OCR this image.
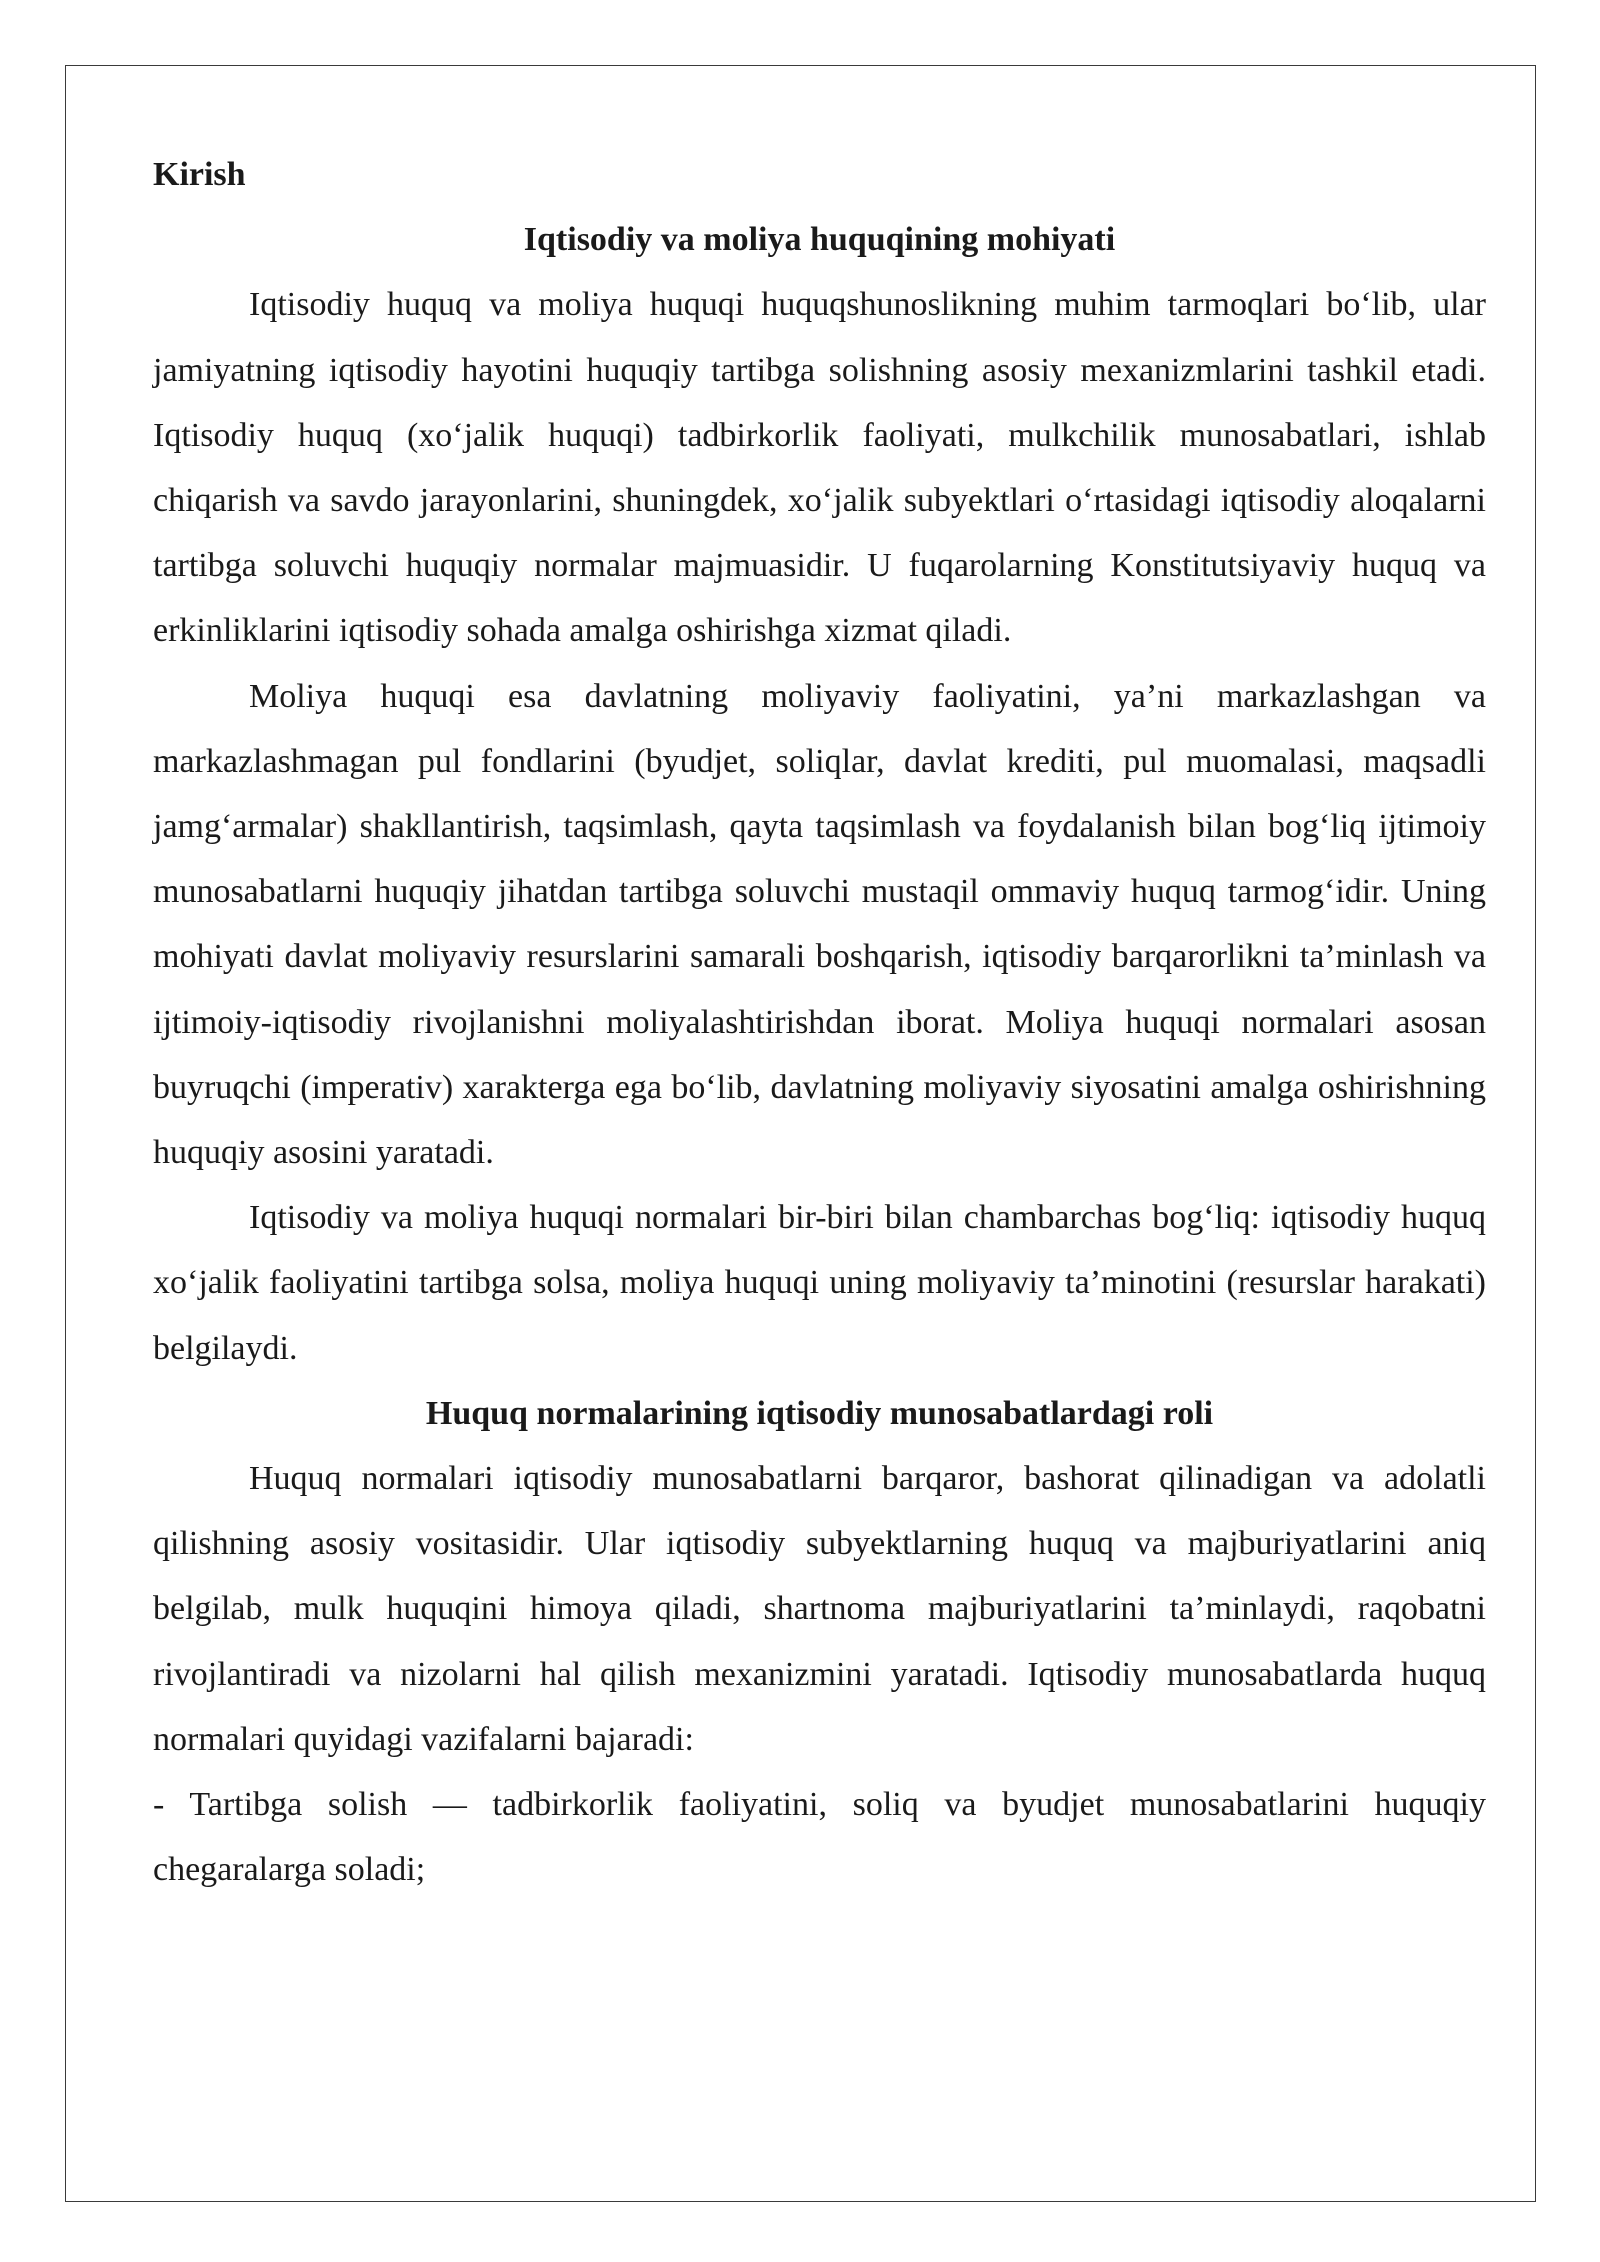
Kirish

Iqtisodiy va moliya huquqining mohiyati

Iqtisodiy huquq va moliya huquqi huquqshunoslikning muhim tarmoqlari bo‘lib, ular jamiyatning iqtisodiy hayotini huquqiy tartibga solishning asosiy mexanizmlarini tashkil etadi. Iqtisodiy huquq (xo‘jalik huquqi) tadbirkorlik faoliyati, mulkchilik munosabatlari, ishlab chiqarish va savdo jarayonlarini, shuningdek, xo‘jalik subyektlari o‘rtasidagi iqtisodiy aloqalarni tartibga soluvchi huquqiy normalar majmuasidir. U fuqarolarning Konstitutsiyaviy huquq va erkinliklarini iqtisodiy sohada amalga oshirishga xizmat qiladi.

Moliya huquqi esa davlatning moliyaviy faoliyatini, ya’ni markazlashgan va markazlashmagan pul fondlarini (byudjet, soliqlar, davlat krediti, pul muomalasi, maqsadli jamg‘armalar) shakllantirish, taqsimlash, qayta taqsimlash va foydalanish bilan bog‘liq ijtimoiy munosabatlarni huquqiy jihatdan tartibga soluvchi mustaqil ommaviy huquq tarmog‘idir. Uning mohiyati davlat moliyaviy resurslarini samarali boshqarish, iqtisodiy barqarorlikni ta’minlash va ijtimoiy-iqtisodiy rivojlanishni moliyalashtirishdan iborat. Moliya huquqi normalari asosan buyruqchi (imperativ) xarakterga ega bo‘lib, davlatning moliyaviy siyosatini amalga oshirishning huquqiy asosini yaratadi.

Iqtisodiy va moliya huquqi normalari bir-biri bilan chambarchas bog‘liq: iqtisodiy huquq xo‘jalik faoliyatini tartibga solsa, moliya huquqi uning moliyaviy ta’minotini (resurslar harakati) belgilaydi.

Huquq normalarining iqtisodiy munosabatlardagi roli

Huquq normalari iqtisodiy munosabatlarni barqaror, bashorat qilinadigan va adolatli qilishning asosiy vositasidir. Ular iqtisodiy subyektlarning huquq va majburiyatlarini aniq belgilab, mulk huquqini himoya qiladi, shartnoma majburiyatlarini ta’minlaydi, raqobatni rivojlantiradi va nizolarni hal qilish mexanizmini yaratadi. Iqtisodiy munosabatlarda huquq normalari quyidagi vazifalarni bajaradi:

- Tartibga solish — tadbirkorlik faoliyatini, soliq va byudjet munosabatlarini huquqiy chegaralarga soladi;
